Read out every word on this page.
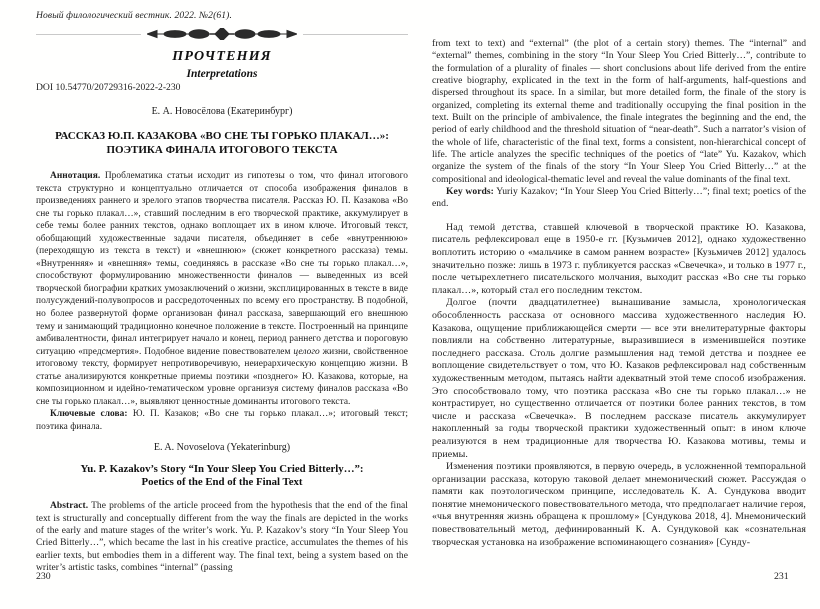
Новый филологический вестник. 2022. №2(61).
ПРОЧТЕНИЯ
Interpretations
DOI 10.54770/20729316-2022-2-230
Е. А. Новосёлова (Екатеринбург)
РАССКАЗ Ю.П. КАЗАКОВА «ВО СНЕ ТЫ ГОРЬКО ПЛАКАЛ…»:
ПОЭТИКА ФИНАЛА ИТОГОВОГО ТЕКСТА

Аннотация. Проблематика статьи исходит из гипотезы о том, что финал итогового текста структурно и концептуально отличается от способа изображения финалов в произведениях раннего и зрелого этапов творчества писателя. Рассказ Ю. П. Казакова «Во сне ты горько плакал…», ставший последним в его творческой практике, аккумулирует в себе темы более ранних текстов, однако воплощает их в ином ключе. Итоговый текст, обобщающий художественные задачи писателя, объединяет в себе «внутреннюю» (переходящую из текста в текст) и «внешнюю» (сюжет конкретного рассказа) темы. «Внутренняя» и «внешняя» темы, соединяясь в рассказе «Во сне ты горько плакал…», способствуют формулированию множественности финалов — выведенных из всей творческой биографии кратких умозаключений о жизни, эксплицированных в тексте в виде полусуждений-полувопросов и рассредоточенных по всему его пространству. В подобной, но более развернутой форме организован финал рассказа, завершающий его внешнюю тему и занимающий традиционно конечное положение в тексте. Построенный на принципе амбивалентности, финал интегрирует начало и конец, период раннего детства и пороговую ситуацию «предсмертия». Подобное видение повествователем целого жизни, свойственное итоговому тексту, формирует непротиворечивую, неиерархическую концепцию жизни. В статье анализируются конкретные приемы поэтики «позднего» Ю. Казакова, которые, на композиционном и идейно-тематическом уровне организуя систему финалов рассказа «Во сне ты горько плакал…», выявляют ценностные доминанты итогового текста.

Ключевые слова: Ю. П. Казаков; «Во сне ты горько плакал…»; итоговый текст; поэтика финала.

E. A. Novoselova (Yekaterinburg)
Yu. P. Kazakov’s Story “In Your Sleep You Cried Bitterly…”:
Poetics of the End of the Final Text

Abstract. The problems of the article proceed from the hypothesis that the end of the final text is structurally and conceptually different from the way the finals are depicted in the works of the early and mature stages of the writer’s work. Yu. P. Kazakov’s story “In Your Sleep You Cried Bitterly…”, which became the last in his creative practice, accumulates the themes of his earlier texts, but embodies them in a different way. The final text, being a system based on the writer’s artistic tasks, combines “internal” (passing

230

from text to text) and “external” (the plot of a certain story) themes. The “internal” and “external” themes, combining in the story “In Your Sleep You Cried Bitterly…”, contribute to the formulation of a plurality of finales — short conclusions about life derived from the entire creative biography, explicated in the text in the form of half-arguments, half-questions and dispersed throughout its space. In a similar, but more detailed form, the finale of the story is organized, completing its external theme and traditionally occupying the final position in the text. Built on the principle of ambivalence, the finale integrates the beginning and the end, the period of early childhood and the threshold situation of “near-death”. Such a narrator’s vision of the whole of life, characteristic of the final text, forms a consistent, non-hierarchical concept of life. The article analyzes the specific techniques of the poetics of “late” Yu. Kazakov, which organize the system of the finals of the story “In Your Sleep You Cried Bitterly…” at the compositional and ideological-thematic level and reveal the value dominants of the final text.

Key words: Yuriy Kazakov; “In Your Sleep You Cried Bitterly…”; final text; poetics of the end.

Над темой детства, ставшей ключевой в творческой практике Ю. Казакова, писатель рефлексировал еще в 1950-е гг. [Кузьмичев 2012], однако художественно воплотить историю о «мальчике в самом раннем возрасте» [Кузьмичев 2012] удалось значительно позже: лишь в 1973 г. публикуется рассказ «Свечечка», и только в 1977 г., после четырехлетнего писательского молчания, выходит рассказ «Во сне ты горько плакал…», который стал его последним текстом.

Долгое (почти двадцатилетнее) вынашивание замысла, хронологическая обособленность рассказа от основного массива художественного наследия Ю. Казакова, ощущение приближающейся смерти — все эти внелитературные факторы повлияли на собственно литературные, выразившиеся в изменившейся поэтике последнего рассказа. Столь долгие размышления над темой детства и позднее ее воплощение свидетельствует о том, что Ю. Казаков рефлексировал над собственным художественным методом, пытаясь найти адекватный этой теме способ изображения. Это способствовало тому, что поэтика рассказа «Во сне ты горько плакал…» не контрастирует, но существенно отличается от поэтики более ранних текстов, в том числе и рассказа «Свечечка». В последнем рассказе писатель аккумулирует накопленный за годы творческой практики художественный опыт: в ином ключе реализуются в нем традиционные для творчества Ю. Казакова мотивы, темы и приемы.

Изменения поэтики проявляются, в первую очередь, в усложненной темпоральной организации рассказа, которую таковой делает мнемонический сюжет. Рассуждая о памяти как поэтологическом принципе, исследователь К. А. Сундукова вводит понятие мнемонического повествовательного метода, что предполагает наличие героя, «чья внутренняя жизнь обращена к прошлому» [Сундукова 2018, 4]. Мнемонический повествовательный метод, дефинированный К. А. Сундуковой как «сознательная творческая установка на изображение вспоминающего сознания» [Сунду-

231
